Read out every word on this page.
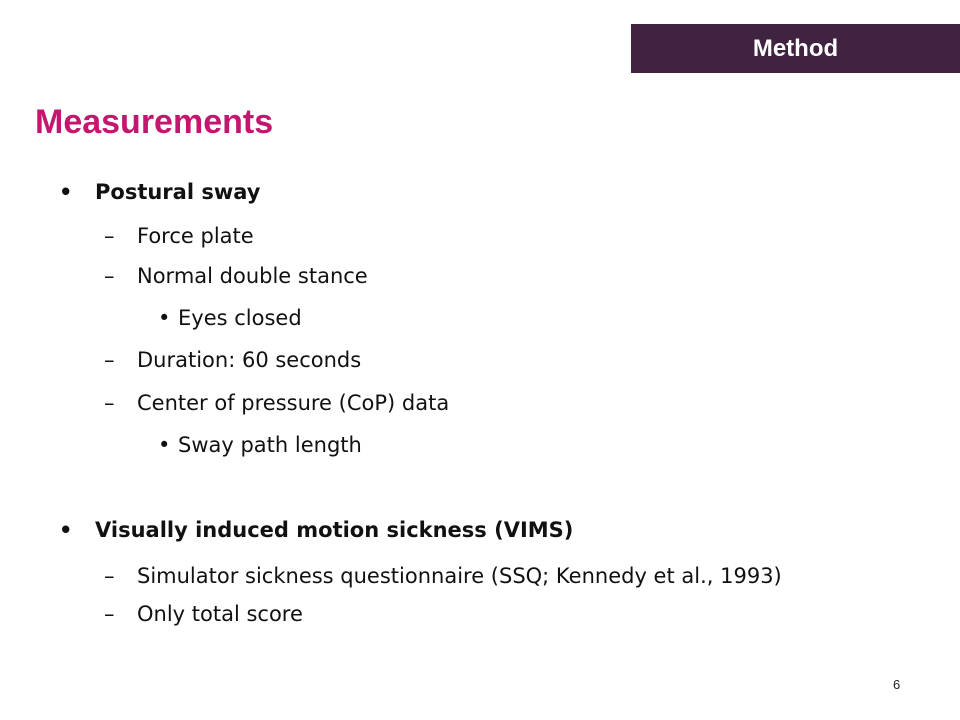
Method
Measurements
• Postural sway
– Force plate
– Normal double stance
• Eyes closed
– Duration: 60 seconds
– Center of pressure (CoP) data
• Sway path length
• Visually induced motion sickness (VIMS)
– Simulator sickness questionnaire (SSQ; Kennedy et al., 1993)
– Only total score
6
